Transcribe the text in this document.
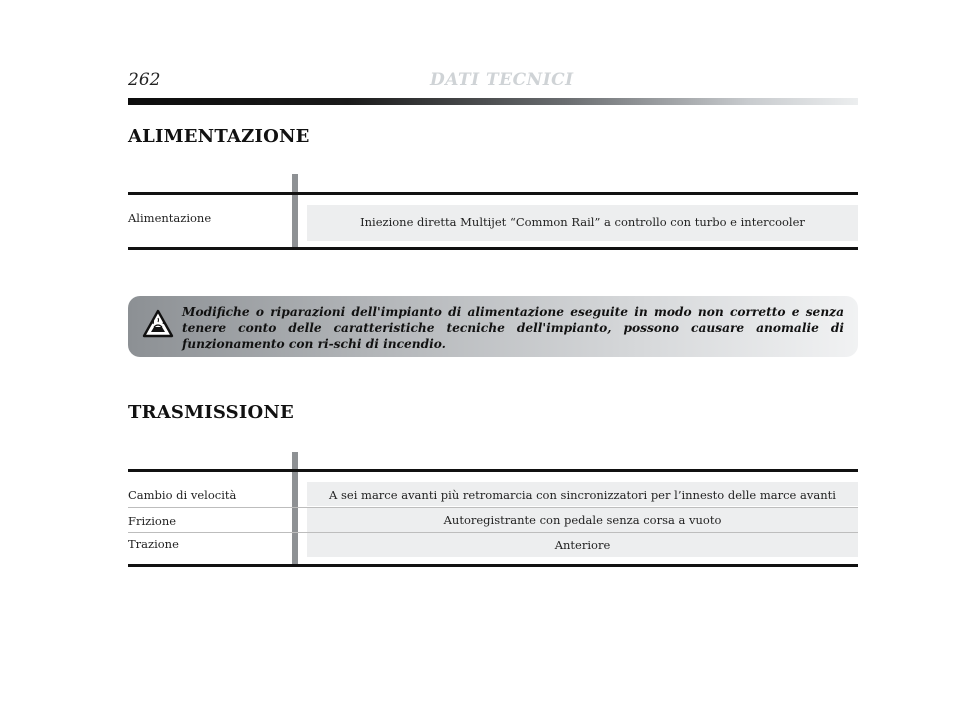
262	DATI TECNICI
ALIMENTAZIONE
Alimentazione	Iniezione diretta Multijet “Common Rail” a controllo con turbo e intercooler
Modifiche o riparazioni dell'impianto di alimentazione eseguite in modo non corretto e senza tenere conto delle caratteristiche tecniche dell'impianto, possono causare anomalie di funzionamento con ri-schi di incendio.
TRASMISSIONE
Cambio di velocità	A sei marce avanti più retromarcia con sincronizzatori per l’innesto delle marce avanti
Frizione	Autoregistrante con pedale senza corsa a vuoto
Trazione	Anteriore
